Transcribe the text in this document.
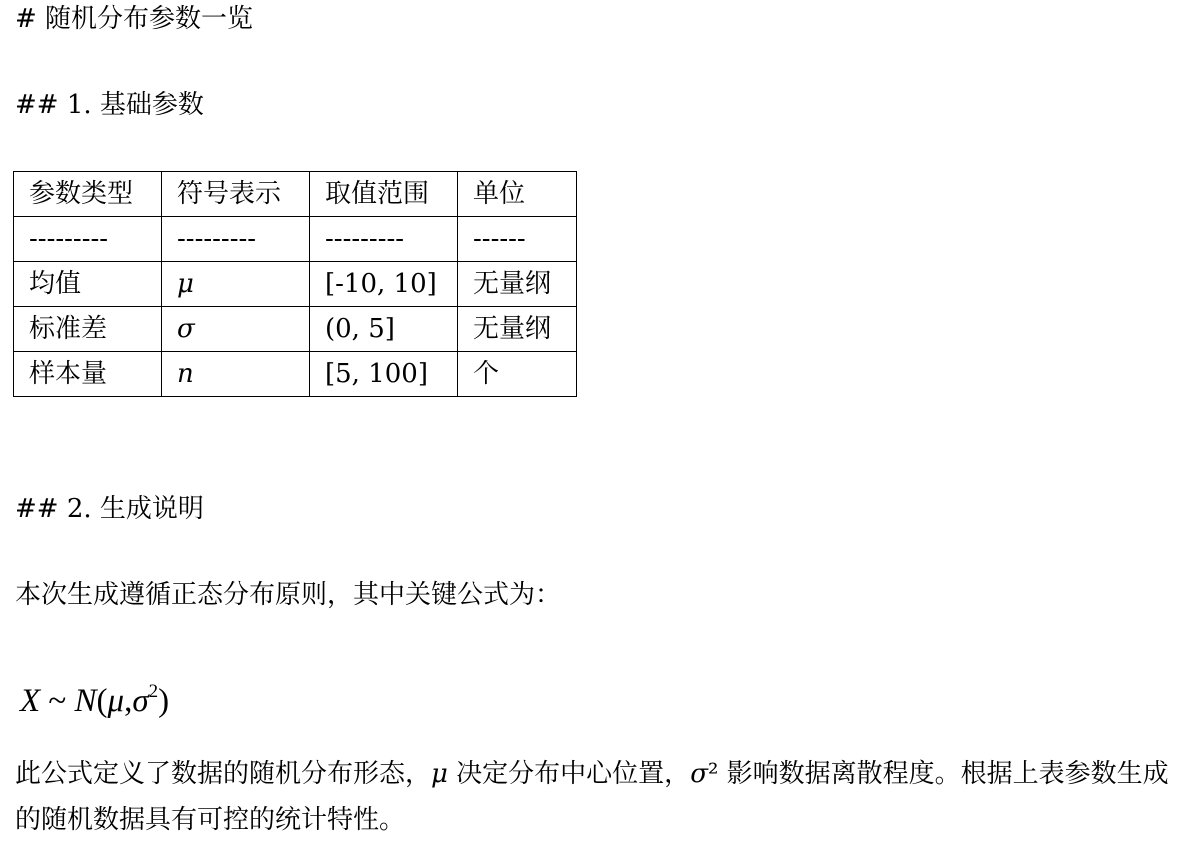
# 随机分布参数一览
## 1. 基础参数
参数类型	符号表示	取值范围	单位
---------	---------	---------	------
均值	μ	[-10, 10]	无量纲
标准差	σ	(0, 5]	无量纲
样本量	n	[5, 100]	个
## 2. 生成说明
本次生成遵循正态分布原则，其中关键公式为：
X ~ $N(\mu,\sigma^2)$
此公式定义了数据的随机分布形态，μ 决定分布中心位置，σ² 影响数据离散程度。根据上表参数生成的随机数据具有可控的统计特性。
